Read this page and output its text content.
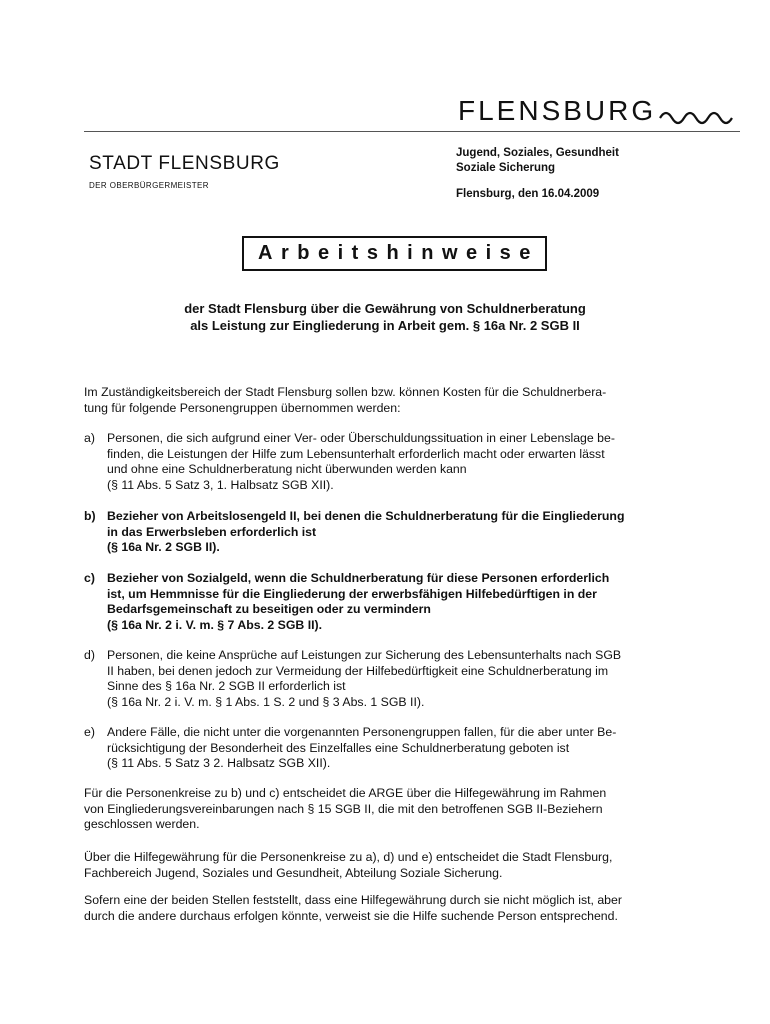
FLENSBURG
STADT FLENSBURG
DER OBERBÜRGERMEISTER
Jugend, Soziales, Gesundheit
Soziale Sicherung
Flensburg, den 16.04.2009
Arbeitshinweise
der Stadt Flensburg über die Gewährung von Schuldnerberatung
als Leistung zur Eingliederung in Arbeit gem. § 16a Nr. 2 SGB II
Im Zuständigkeitsbereich der Stadt Flensburg sollen bzw. können Kosten für die Schuldnerbera-
tung für folgende Personengruppen übernommen werden:
a) Personen, die sich aufgrund einer Ver- oder Überschuldungssituation in einer Lebenslage be-
finden, die Leistungen der Hilfe zum Lebensunterhalt erforderlich macht oder erwarten lässt
und ohne eine Schuldnerberatung nicht überwunden werden kann
(§ 11 Abs. 5 Satz 3, 1. Halbsatz SGB XII).
b) Bezieher von Arbeitslosengeld II, bei denen die Schuldnerberatung für die Eingliederung
in das Erwerbsleben erforderlich ist
(§ 16a Nr. 2 SGB II).
c) Bezieher von Sozialgeld, wenn die Schuldnerberatung für diese Personen erforderlich
ist, um Hemmnisse für die Eingliederung der erwerbsfähigen Hilfebedürftigen in der
Bedarfsgemeinschaft zu beseitigen oder zu vermindern
(§ 16a Nr. 2 i. V. m. § 7 Abs. 2 SGB II).
d) Personen, die keine Ansprüche auf Leistungen zur Sicherung des Lebensunterhalts nach SGB
II haben, bei denen jedoch zur Vermeidung der Hilfebedürftigkeit eine Schuldnerberatung im
Sinne des § 16a Nr. 2 SGB II erforderlich ist
(§ 16a Nr. 2 i. V. m. § 1 Abs. 1 S. 2 und § 3 Abs. 1 SGB II).
e) Andere Fälle, die nicht unter die vorgenannten Personengruppen fallen, für die aber unter Be-
rücksichtigung der Besonderheit des Einzelfalles eine Schuldnerberatung geboten ist
(§ 11 Abs. 5 Satz 3 2. Halbsatz SGB XII).
Für die Personenkreise zu b) und c) entscheidet die ARGE über die Hilfegewährung im Rahmen
von Eingliederungsvereinbarungen nach § 15 SGB II, die mit den betroffenen SGB II-Beziehern
geschlossen werden.
Über die Hilfegewährung für die Personenkreise zu a), d) und e) entscheidet die Stadt Flensburg,
Fachbereich Jugend, Soziales und Gesundheit, Abteilung Soziale Sicherung.
Sofern eine der beiden Stellen feststellt, dass eine Hilfegewährung durch sie nicht möglich ist, aber
durch die andere durchaus erfolgen könnte, verweist sie die Hilfe suchende Person entsprechend.
